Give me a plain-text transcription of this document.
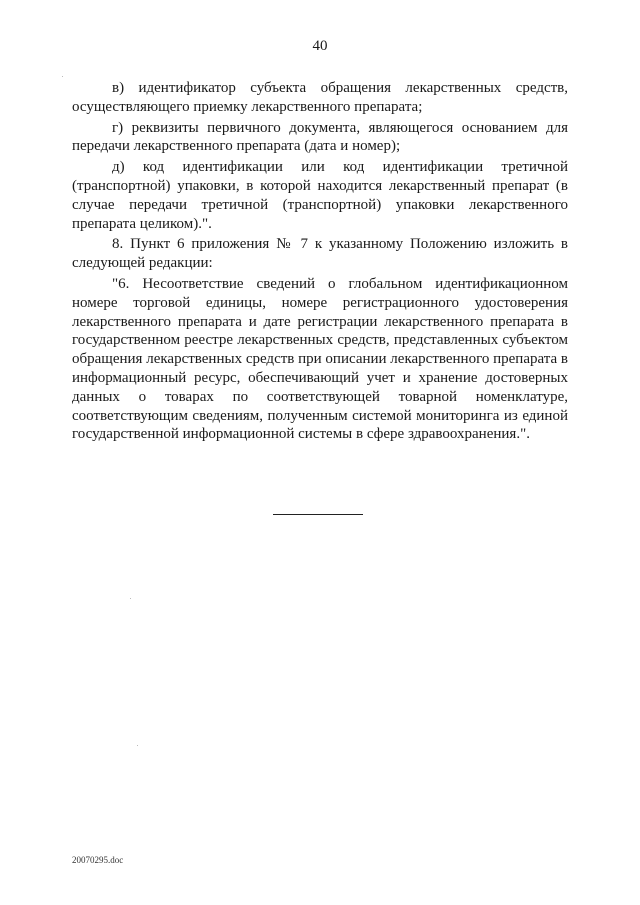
40

в) идентификатор субъекта обращения лекарственных средств, осуществляющего приемку лекарственного препарата;

г) реквизиты первичного документа, являющегося основанием для передачи лекарственного препарата (дата и номер);

д) код идентификации или код идентификации третичной (транспортной) упаковки, в которой находится лекарственный препарат (в случае передачи третичной (транспортной) упаковки лекарственного препарата целиком).".

8. Пункт 6 приложения № 7 к указанному Положению изложить в следующей редакции:

"6. Несоответствие сведений о глобальном идентификационном номере торговой единицы, номере регистрационного удостоверения лекарственного препарата и дате регистрации лекарственного препарата в государственном реестре лекарственных средств, представленных субъектом обращения лекарственных средств при описании лекарственного препарата в информационный ресурс, обеспечивающий учет и хранение достоверных данных о товарах по соответствующей товарной номенклатуре, соответствующим сведениям, полученным системой мониторинга из единой государственной информационной системы в сфере здравоохранения.".

20070295.doc
